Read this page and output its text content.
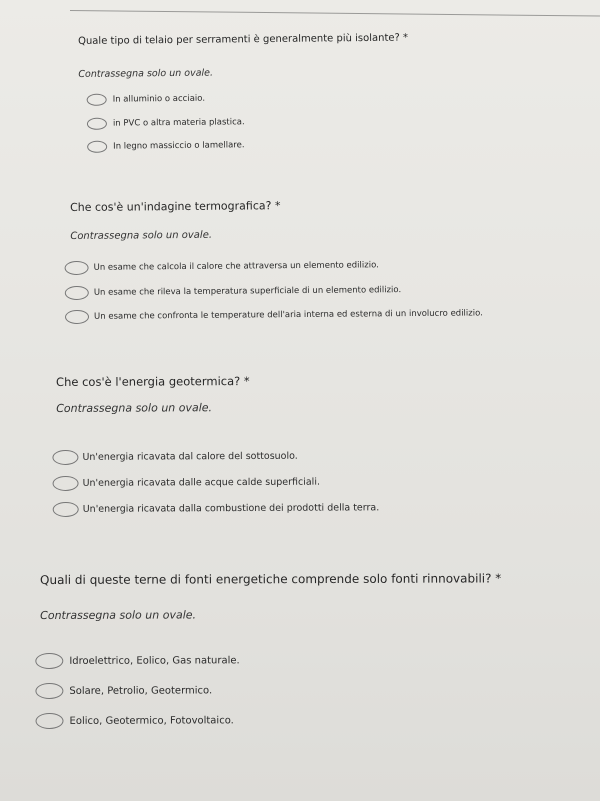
Quale tipo di telaio per serramenti è generalmente più isolante? *
Contrassegna solo un ovale.
In alluminio o acciaio.
in PVC o altra materia plastica.
In legno massiccio o lamellare.
Che cos'è un'indagine termografica? *
Contrassegna solo un ovale.
Un esame che calcola il calore che attraversa un elemento edilizio.
Un esame che rileva la temperatura superficiale di un elemento edilizio.
Un esame che confronta le temperature dell'aria interna ed esterna di un involucro edilizio.
Che cos'è l'energia geotermica? *
Contrassegna solo un ovale.
Un'energia ricavata dal calore del sottosuolo.
Un'energia ricavata dalle acque calde superficiali.
Un'energia ricavata dalla combustione dei prodotti della terra.
Quali di queste terne di fonti energetiche comprende solo fonti rinnovabili? *
Contrassegna solo un ovale.
Idroelettrico, Eolico, Gas naturale.
Solare, Petrolio, Geotermico.
Eolico, Geotermico, Fotovoltaico.
